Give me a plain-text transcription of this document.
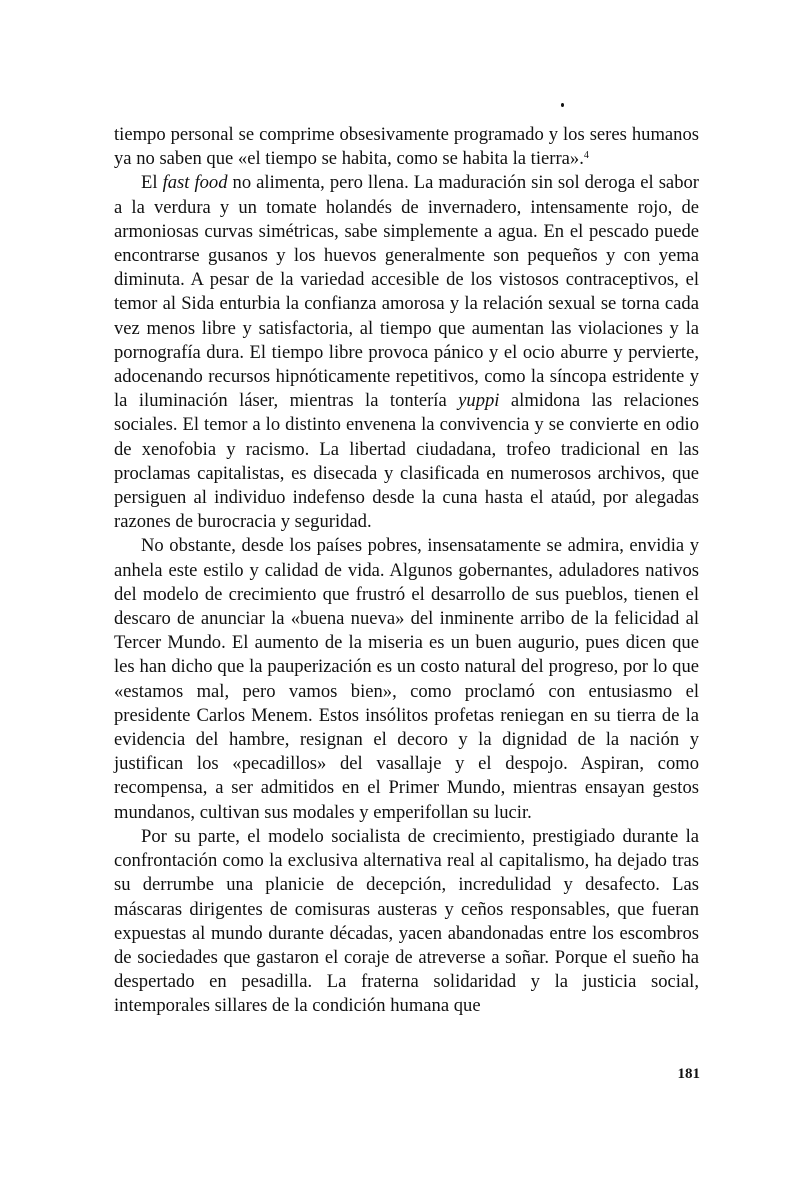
tiempo personal se comprime obsesivamente programado y los seres humanos ya no saben que «el tiempo se habita, como se habita la tierra».$^4$

El fast food no alimenta, pero llena. La maduración sin sol deroga el sabor a la verdura y un tomate holandés de invernadero, intensamente rojo, de armoniosas curvas simétricas, sabe simplemente a agua. En el pescado puede encontrarse gusanos y los huevos generalmente son pequeños y con yema diminuta. A pesar de la variedad accesible de los vistosos contraceptivos, el temor al Sida enturbia la confianza amorosa y la relación sexual se torna cada vez menos libre y satisfactoria, al tiempo que aumentan las violaciones y la pornografía dura. El tiempo libre provoca pánico y el ocio aburre y pervierte, adocenando recursos hipnóticamente repetitivos, como la síncopa estridente y la iluminación láser, mientras la tontería yuppi almidona las relaciones sociales. El temor a lo distinto envenena la convivencia y se convierte en odio de xenofobia y racismo. La libertad ciudadana, trofeo tradicional en las proclamas capitalistas, es disecada y clasificada en numerosos archivos, que persiguen al individuo indefenso desde la cuna hasta el ataúd, por alegadas razones de burocracia y seguridad.

No obstante, desde los países pobres, insensatamente se admira, envidia y anhela este estilo y calidad de vida. Algunos gobernantes, aduladores nativos del modelo de crecimiento que frustró el desarrollo de sus pueblos, tienen el descaro de anunciar la «buena nueva» del inminente arribo de la felicidad al Tercer Mundo. El aumento de la miseria es un buen augurio, pues dicen que les han dicho que la pauperización es un costo natural del progreso, por lo que «estamos mal, pero vamos bien», como proclamó con entusiasmo el presidente Carlos Menem. Estos insólitos profetas reniegan en su tierra de la evidencia del hambre, resignan el decoro y la dignidad de la nación y justifican los «pecadillos» del vasallaje y el despojo. Aspiran, como recompensa, a ser admitidos en el Primer Mundo, mientras ensayan gestos mundanos, cultivan sus modales y emperifollan su lucir.

Por su parte, el modelo socialista de crecimiento, prestigiado durante la confrontación como la exclusiva alternativa real al capitalismo, ha dejado tras su derrumbe una planicie de decepción, incredulidad y desafecto. Las máscaras dirigentes de comisuras austeras y ceños responsables, que fueran expuestas al mundo durante décadas, yacen abandonadas entre los escombros de sociedades que gastaron el coraje de atreverse a soñar. Porque el sueño ha despertado en pesadilla. La fraterna solidaridad y la justicia social, intemporales sillares de la condición humana que

181
